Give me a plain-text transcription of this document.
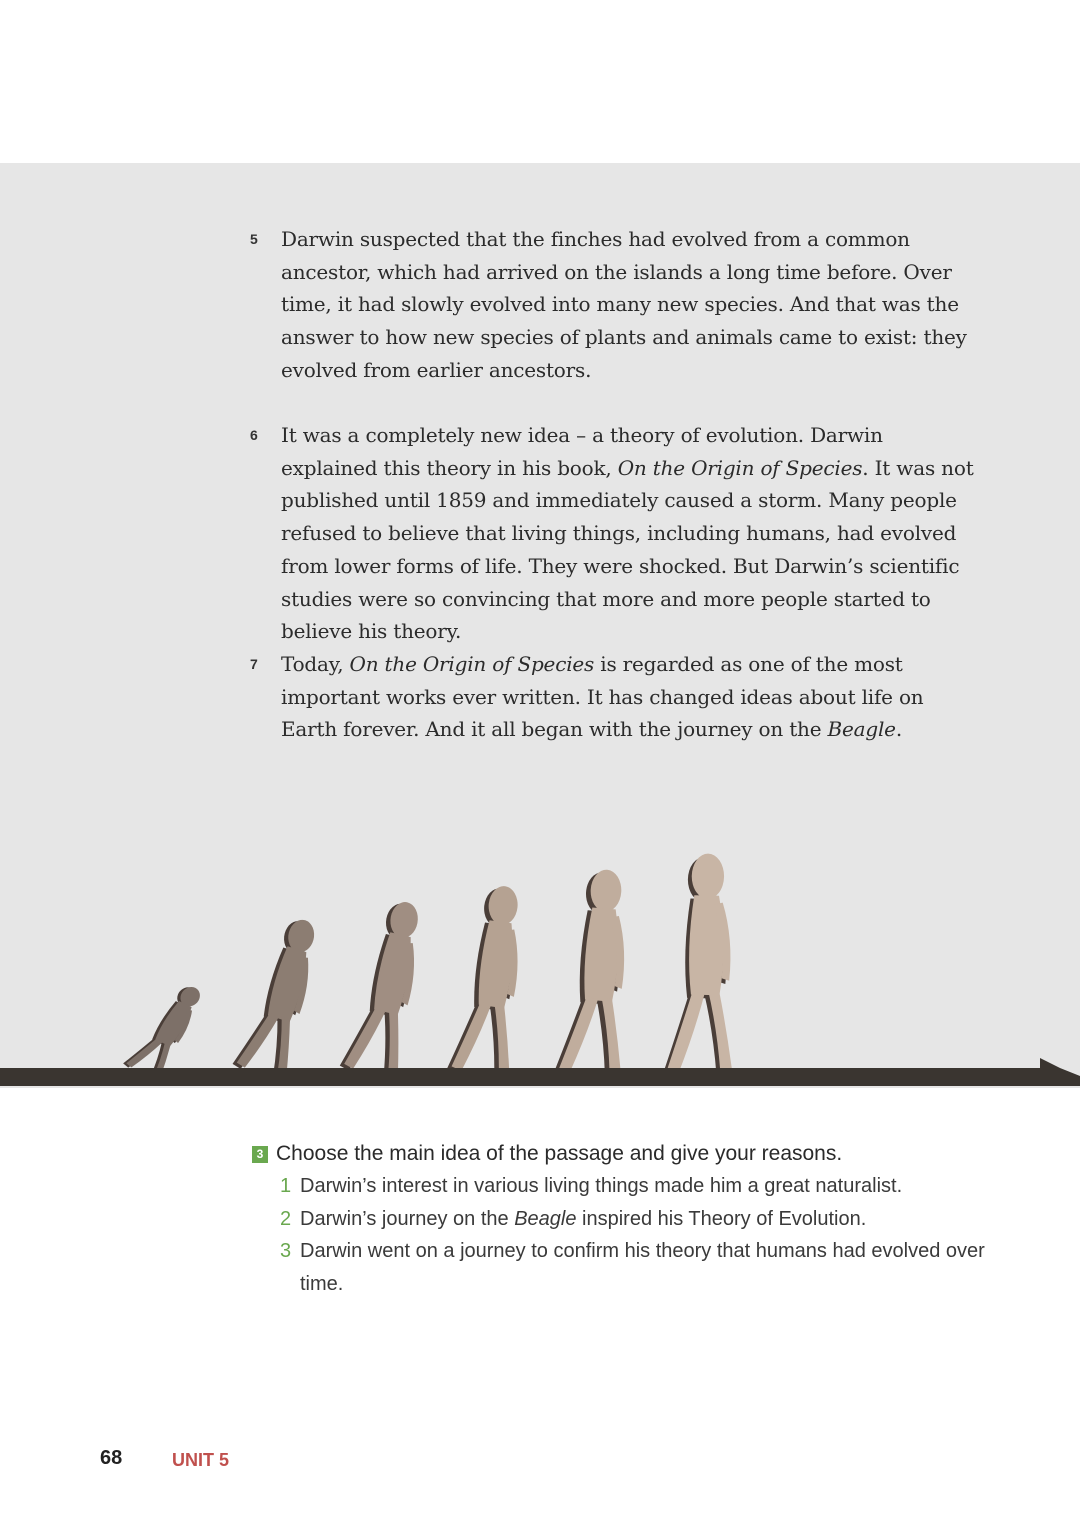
5 Darwin suspected that the finches had evolved from a common ancestor, which had arrived on the islands a long time before. Over time, it had slowly evolved into many new species. And that was the answer to how new species of plants and animals came to exist: they evolved from earlier ancestors.
6 It was a completely new idea – a theory of evolution. Darwin explained this theory in his book, On the Origin of Species. It was not published until 1859 and immediately caused a storm. Many people refused to believe that living things, including humans, had evolved from lower forms of life. They were shocked. But Darwin’s scientific studies were so convincing that more and more people started to believe his theory.
7 Today, On the Origin of Species is regarded as one of the most important works ever written. It has changed ideas about life on Earth forever. And it all began with the journey on the Beagle.
3 Choose the main idea of the passage and give your reasons.
1 Darwin’s interest in various living things made him a great naturalist.
2 Darwin’s journey on the Beagle inspired his Theory of Evolution.
3 Darwin went on a journey to confirm his theory that humans had evolved over time.
68	UNIT 5
